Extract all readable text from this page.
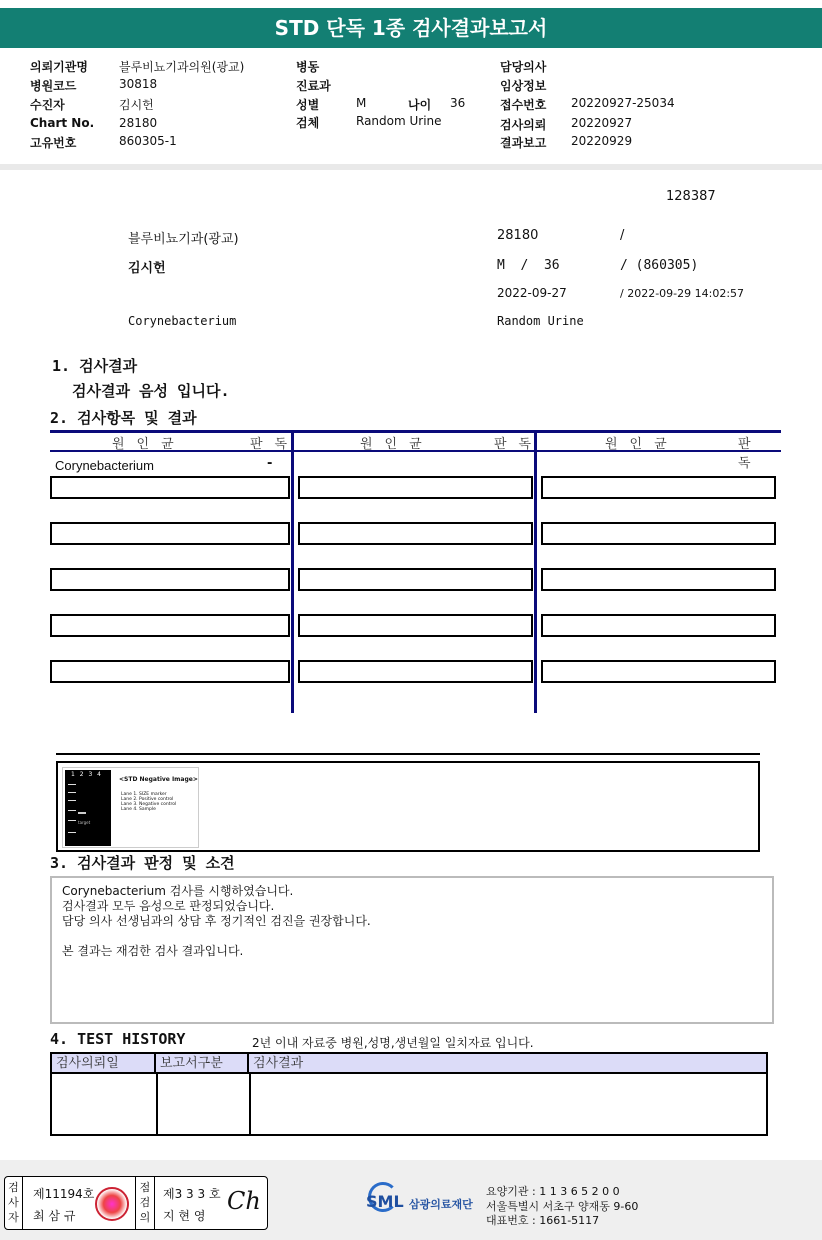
STD 단독 1종 검사결과보고서
의뢰기관명	블루비뇨기과의원(광교)
병원코드	30818
수진자	김시헌
Chart No. 28180
고유번호	860305-1
병동
진료과
성별	M	나이 36
검체	Random Urine
담당의사
임상정보
접수번호 20220927-25034
검사의뢰 20220927
결과보고 20220929
128387
블루비뇨기과(광교)	28180	/
김시헌	M  /  36	/ (860305)
2022-09-27	/ 2022-09-29 14:02:57
Corynebacterium	Random Urine
1. 검사결과
검사결과 음성 입니다.
2. 검사항목 및 결과
원인균	판독	원인균	판독	원인균	판독
Corynebacterium	-
1 2 3 4
target
<STD Negative Image>
Lane 1. SIZE marker
Lane 2. Positive control
Lane 3. Negative control
Lane 4. Sample
3. 검사결과 판정 및 소견
Corynebacterium 검사를 시행하였습니다.
검사결과 모두 음성으로 판정되었습니다.
담당 의사 선생님과의 상담 후 정기적인 검진을 권장합니다.
본 결과는 재검한 검사 결과입니다.
4. TEST HISTORY	2년 이내 자료중 병원,성명,생년월일 일치자료 입니다.
검사의뢰일	보고서구분	검사결과
검사자
제11194호
최 삼 규
점검의
제3 3 3 호
지 현 영
Ch	SML 삼광의료재단
요양기관 : 1 1 3 6 5 2 0 0
서울특별시 서초구 양재동 9-60
대표번호 : 1661-5117
